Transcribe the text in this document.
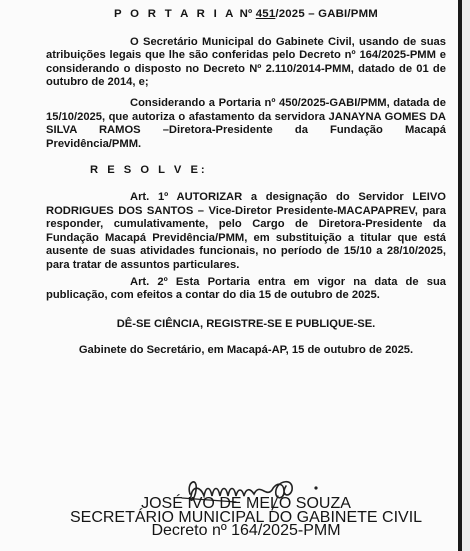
P O R T A R I A Nº 451/2025 – GABI/PMM

O Secretário Municipal do Gabinete Civil, usando de suas atribuições legais que lhe são conferidas pelo Decreto nº 164/2025-PMM e considerando o disposto no Decreto Nº 2.110/2014-PMM, datado de 01 de outubro de 2014, e;

Considerando a Portaria nº 450/2025-GABI/PMM, datada de 15/10/2025, que autoriza o afastamento da servidora JANAYNA GOMES DA SILVA RAMOS –Diretora-Presidente da Fundação Macapá Previdência/PMM.

R E S O L V E:

Art. 1º AUTORIZAR a designação do Servidor LEIVO RODRIGUES DOS SANTOS – Vice-Diretor Presidente-MACAPAPREV, para responder, cumulativamente, pelo Cargo de Diretora-Presidente da Fundação Macapá Previdência/PMM, em substituição a titular que está ausente de suas atividades funcionais, no período de 15/10 a 28/10/2025, para tratar de assuntos particulares.

Art. 2º Esta Portaria entra em vigor na data de sua publicação, com efeitos a contar do dia 15 de outubro de 2025.

DÊ-SE CIÊNCIA, REGISTRE-SE E PUBLIQUE-SE.
Gabinete do Secretário, em Macapá-AP, 15 de outubro de 2025.
JOSÉ IVO DE MELO SOUZA
SECRETÁRIO MUNICIPAL DO GABINETE CIVIL
Decreto nº 164/2025-PMM
